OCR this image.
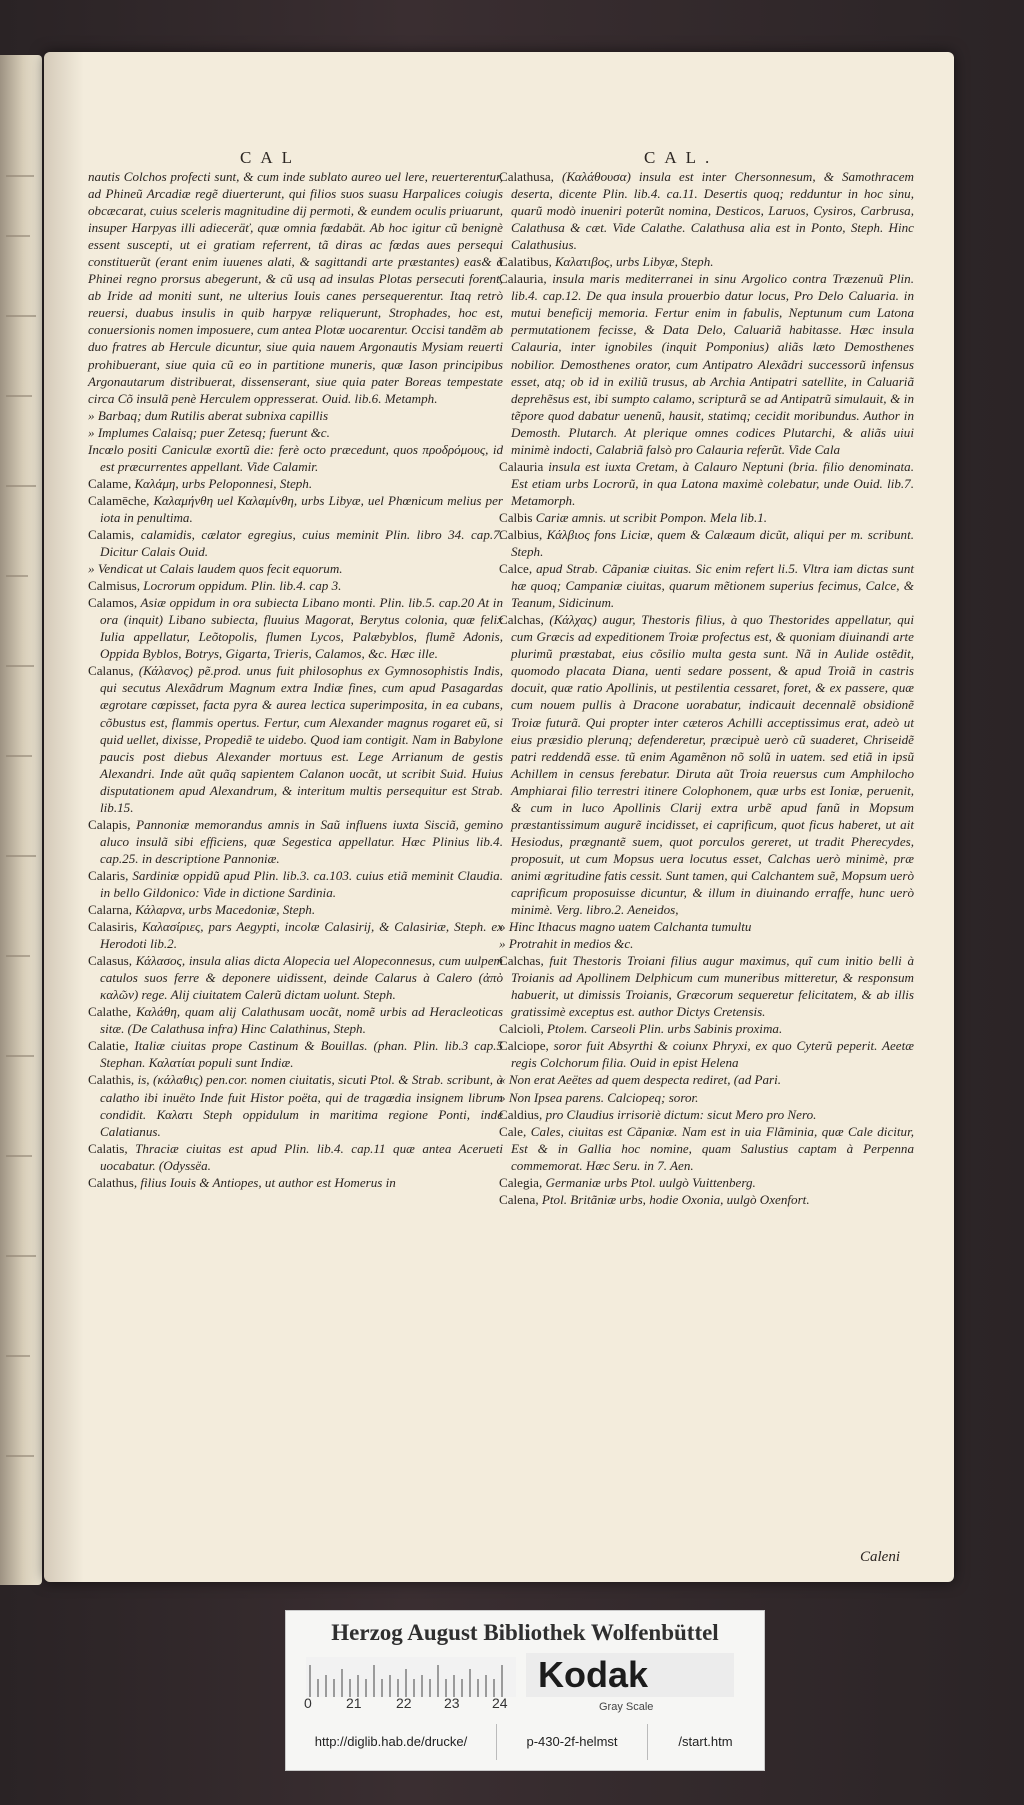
CAL	CAL.

nautis Colchos profecti sunt, & cum inde sublato aureo uel lere, reuerterentur, ad Phineũ Arcadiæ regẽ diuerterunt, qui filios suos suasu Harpalices coiugis obcæcarat, cuius sceleris magnitudine dij permoti, & eundem oculis priuarunt, insuper Harpyas illi adieceräť, quæ omnia fœdabät. Ab hoc igitur cũ benignè essent suscepti, ut ei gratiam referrent, tã diras ac fœdas aues persequi constituerũt (erant enim iuuenes alati, & sagittandi arte præstantes) eas& à Phinei regno prorsus abegerunt, & cũ usq ad insulas Plotas persecuti forent, ab Iride ad moniti sunt, ne ulterius Iouis canes persequerentur. Itaq retrò reuersi, duabus insulis in quib harpyæ reliquerunt, Strophades, hoc est, conuersionis nomen imposuere, cum antea Plotæ uocarentur. Occisi tandẽm ab duo fratres ab Hercule dicuntur, siue quia nauem Argonautis Mysiam reuerti prohibuerant, siue quia cũ eo in partitione muneris, quæ Iason principibus Argonautarum distribuerat, dissenserant, siue quia pater Boreas tempestate circa Cõ insulã penè Herculem oppresserat. Ouid. lib.6. Metamph.

» Barbaq; dum Rutilis aberat subnixa capillis

» Implumes Calaisq; puer Zetesq; fuerunt &c.

Incœlo positi Caniculæ exortũ die: ferè octo præcedunt, quos προδρόμους, id est præcurrentes appellant. Vide Calamir.

Calame, Καλάμη, urbs Peloponnesi, Steph.

Calamēche, Καλαμήνθη uel Καλαμίνθη, urbs Libyæ, uel Phœnicum melius per iota in penultima.

Calamis, calamidis, cælator egregius, cuius meminit Plin. libro 34. cap.7. Dicitur Calais Ouid.

» Vendicat ut Calais laudem quos fecit equorum.

Calmisus, Locrorum oppidum. Plin. lib.4. cap 3.

Calamos, Asiæ oppidum in ora subiecta Libano monti. Plin. lib.5. cap.20 At in ora (inquit) Libano subiecta, fluuius Magorat, Berytus colonia, quæ felix Iulia appellatur, Leõtopolis, flumen Lycos, Palæbyblos, flumẽ Adonis, Oppida Byblos, Botrys, Gigarta, Trieris, Calamos, &c. Hæc ille.

Calanus, (Κάλανος) pẽ.prod. unus fuit philosophus ex Gymnosophistis Indis, qui secutus Alexãdrum Magnum extra Indiæ fines, cum apud Pasagardas ægrotare cœpisset, facta pyra & aurea lectica superimposita, in ea cubans, cõbustus est, flammis opertus. Fertur, cum Alexander magnus rogaret eũ, si quid uellet, dixisse, Propediẽ te uidebo. Quod iam contigit. Nam in Babylone paucis post diebus Alexander mortuus est. Lege Arrianum de gestis Alexandri. Inde aũt quãq sapientem Calanon uocãt, ut scribit Suid. Huius disputationem apud Alexandrum, & interitum multis persequitur est Strab. lib.15.

Calapis, Pannoniæ memorandus amnis in Saũ influens iuxta Sisciã, gemino aluco insulã sibi efficiens, quæ Segestica appellatur. Hæc Plinius lib.4. cap.25. in descriptione Pannoniæ.

Calaris, Sardiniæ oppidũ apud Plin. lib.3. ca.103. cuius etiã meminit Claudia. in bello Gildonico: Vide in dictione Sardinia.

Calarna, Κάλαρνα, urbs Macedoniæ, Steph.

Calasiris, Καλασίριες, pars Aegypti, incolæ Calasirij, & Calasiriæ, Steph. ex Herodoti lib.2.

Calasus, Κάλασος, insula alias dicta Alopecia uel Alopeconnesus, cum uulpem catulos suos ferre & deponere uidissent, deinde Calarus à Calero (ἀπὸ καλῶν) rege. Alij ciuitatem Calerũ dictam uolunt. Steph.

Calathe, Καλάθη, quam alij Calathusam uocãt, nomẽ urbis ad Heracleoticas sitæ. (De Calathusa infra) Hinc Calathinus, Steph.

Calatie, Italiæ ciuitas prope Castinum & Bouillas. (phan. Plin. lib.3 cap.5 Stephan. Καλατίαι populi sunt Indiæ.

Calathis, is, (κάλαθις) pen.cor. nomen ciuitatis, sicuti Ptol. & Strab. scribunt, à calatho ibi inuëto Inde fuit Histor poëta, qui de tragœdia insignem librum condidit. Καλατι Steph oppidulum in maritima regione Ponti, inde Calatianus.

Calatis, Thraciæ ciuitas est apud Plin. lib.4. cap.11 quæ antea Acerueti uocabatur. (Odyssëa.

Calathus, filius Iouis & Antiopes, ut author est Homerus in

Calathusa, (Καλάθουσα) insula est inter Chersonnesum, & Samothracem deserta, dicente Plin. lib.4. ca.11. Desertis quoq; redduntur in hoc sinu, quarũ modò inueniri poterũt nomina, Desticos, Laruos, Cysiros, Carbrusa, Calathusa & cæt. Vide Calathe. Calathusa alia est in Ponto, Steph. Hinc Calathusius.

Calatibus, Καλατιβος, urbs Libyæ, Steph.

Calauria, insula maris mediterranei in sinu Argolico contra Træzenuũ Plin. lib.4. cap.12. De qua insula prouerbio datur locus, Pro Delo Caluaria. in mutui beneficij memoria. Fertur enim in fabulis, Neptunum cum Latona permutationem fecisse, & Data Delo, Caluariã habitasse. Hæc insula Calauria, inter ignobiles (inquit Pomponius) aliãs læto Demosthenes nobilior. Demosthenes orator, cum Antipatro Alexãdri successorũ infensus esset, atq; ob id in exiliũ trusus, ab Archia Antipatri satellite, in Caluariã deprehẽsus est, ibi sumpto calamo, scripturã se ad Antipatrũ simulauit, & in tẽpore quod dabatur uenenũ, hausit, statimq; cecidit moribundus. Author in Demosth. Plutarch. At plerique omnes codices Plutarchi, & aliãs uiui minimè indocti, Calabriã falsò pro Calauria referũt. Vide Cala

Calauria insula est iuxta Cretam, à Calauro Neptuni (bria. filio denominata. Est etiam urbs Locrorũ, in qua Latona maximè colebatur, unde Ouid. lib.7. Metamorph.

Calbis Cariæ amnis. ut scribit Pompon. Mela lib.1.

Calbius, Κάλβιος fons Liciæ, quem & Calæaum dicũt, aliqui per m. scribunt. Steph.

Calce, apud Strab. Cãpaniæ ciuitas. Sic enim refert li.5. Vltra iam dictas sunt hæ quoq; Campaniæ ciuitas, quarum mẽtionem superius fecimus, Calce, & Teanum, Sidicinum.

Calchas, (Κάλχας) augur, Thestoris filius, à quo Thestorides appellatur, qui cum Græcis ad expeditionem Troiæ profectus est, & quoniam diuinandi arte plurimũ præstabat, eius cõsilio multa gesta sunt. Nã in Aulide ostẽdit, quomodo placata Diana, uenti sedare possent, & apud Troiã in castris docuit, quæ ratio Apollinis, ut pestilentia cessaret, foret, & ex passere, quæ cum nouem pullis à Dracone uorabatur, indicauit decennalẽ obsidionẽ Troiæ futurã. Qui propter inter cæteros Achilli acceptissimus erat, adeò ut eius præsidio plerunq; defenderetur, præcipuè uerò cũ suaderet, Chriseidẽ patri reddendã esse. tũ enim Agamẽnon nõ solũ in uatem. sed etiã in ipsũ Achillem in census ferebatur. Diruta aũt Troia reuersus cum Amphilocho Amphiarai filio terrestri itinere Colophonem, quæ urbs est Ioniæ, peruenit, & cum in luco Apollinis Clarij extra urbẽ apud fanũ in Mopsum præstantissimum augurẽ incidisset, ei caprificum, quot ficus haberet, ut ait Hesiodus, prægnantẽ suem, quot porculos gereret, ut tradit Pherecydes, proposuit, ut cum Mopsus uera locutus esset, Calchas uerò minimè, præ animi ægritudine fatis cessit. Sunt tamen, qui Calchantem suẽ, Mopsum uerò caprificum proposuisse dicuntur, & illum in diuinando erraffe, hunc uerò minimè. Verg. libro.2. Aeneidos,

» Hinc Ithacus magno uatem Calchanta tumultu

» Protrahit in medios &c.

Calchas, fuit Thestoris Troiani filius augur maximus, quĩ cum initio belli à Troianis ad Apollinem Delphicum cum muneribus mitteretur, & responsum habuerit, ut dimissis Troianis, Græcorum sequeretur felicitatem, & ab illis gratissimè exceptus est. author Dictys Cretensis.

Calcioli, Ptolem. Carseoli Plin. urbs Sabinis proxima.

Calciope, soror fuit Absyrthi & coiunx Phryxi, ex quo Cyterũ peperit. Aeetæ regis Colchorum filia. Ouid in epist Helena

« Non erat Aeëtes ad quem despecta rediret, (ad Pari.

» Non Ipsea parens. Calciopeq; soror.

Caldius, pro Claudius irrisoriè dictum: sicut Mero pro Nero.

Cale, Cales, ciuitas est Cãpaniæ. Nam est in uia Flãminia, quæ Cale dicitur, Est & in Gallia hoc nomine, quam Salustius captam à Perpenna commemorat. Hæc Seru. in 7. Aen.

Calegia, Germaniæ urbs Ptol. uulgò Vuittenberg.

Calena, Ptol. Britãniæ urbs, hodie Oxonia, uulgò Oxenfort.

Caleni
Herzog August Bibliothek Wolfenbüttel
0 21 22 23 24
Kodak
Gray Scale
http://diglib.hab.de/drucke/	p-430-2f-helmst	/start.htm
